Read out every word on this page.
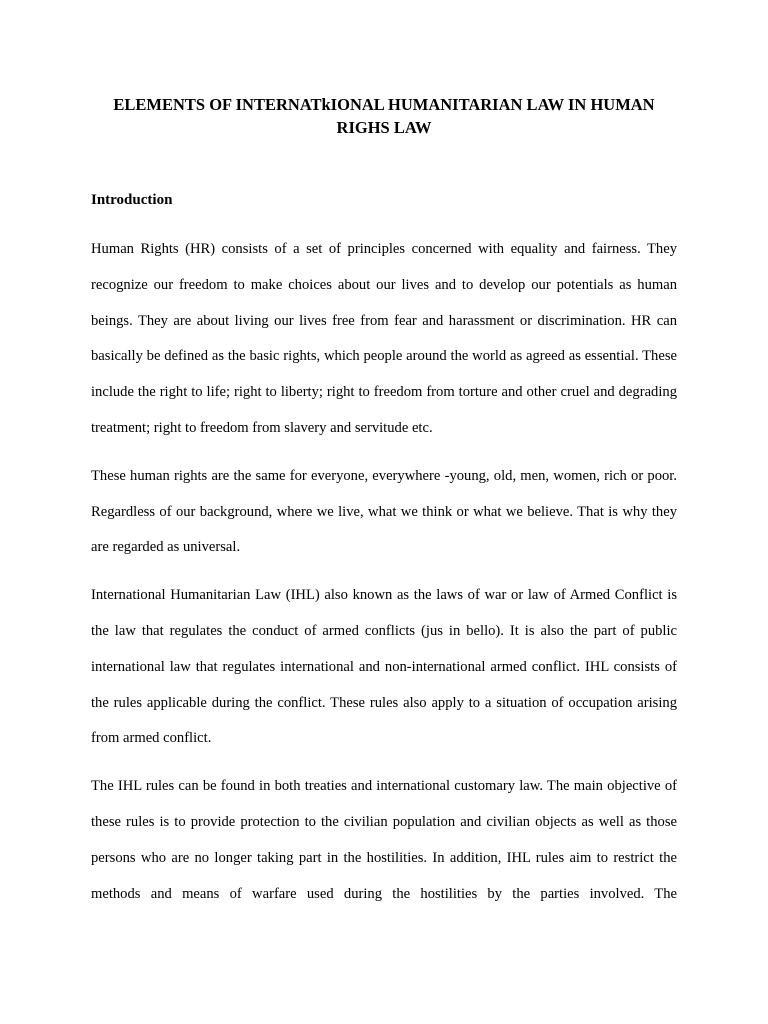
ELEMENTS OF INTERNATkIONAL HUMANITARIAN LAW IN HUMAN RIGHS LAW
Introduction

Human Rights (HR) consists of a set of principles concerned with equality and fairness. They recognize our freedom to make choices about our lives and to develop our potentials as human beings. They are about living our lives free from fear and harassment or discrimination. HR can basically be defined as the basic rights, which people around the world as agreed as essential. These include the right to life; right to liberty; right to freedom from torture and other cruel and degrading treatment; right to freedom from slavery and servitude etc.

These human rights are the same for everyone, everywhere -young, old, men, women, rich or poor. Regardless of our background, where we live, what we think or what we believe. That is why they are regarded as universal.

International Humanitarian Law (IHL) also known as the laws of war or law of Armed Conflict is the law that regulates the conduct of armed conflicts (jus in bello). It is also the part of public international law that regulates international and non-international armed conflict. IHL consists of the rules applicable during the conflict. These rules also apply to a situation of occupation arising from armed conflict.

The IHL rules can be found in both treaties and international customary law. The main objective of these rules is to provide protection to the civilian population and civilian objects as well as those persons who are no longer taking part in the hostilities. In addition, IHL rules aim to restrict the methods and means of warfare used during the hostilities by the parties involved. The
